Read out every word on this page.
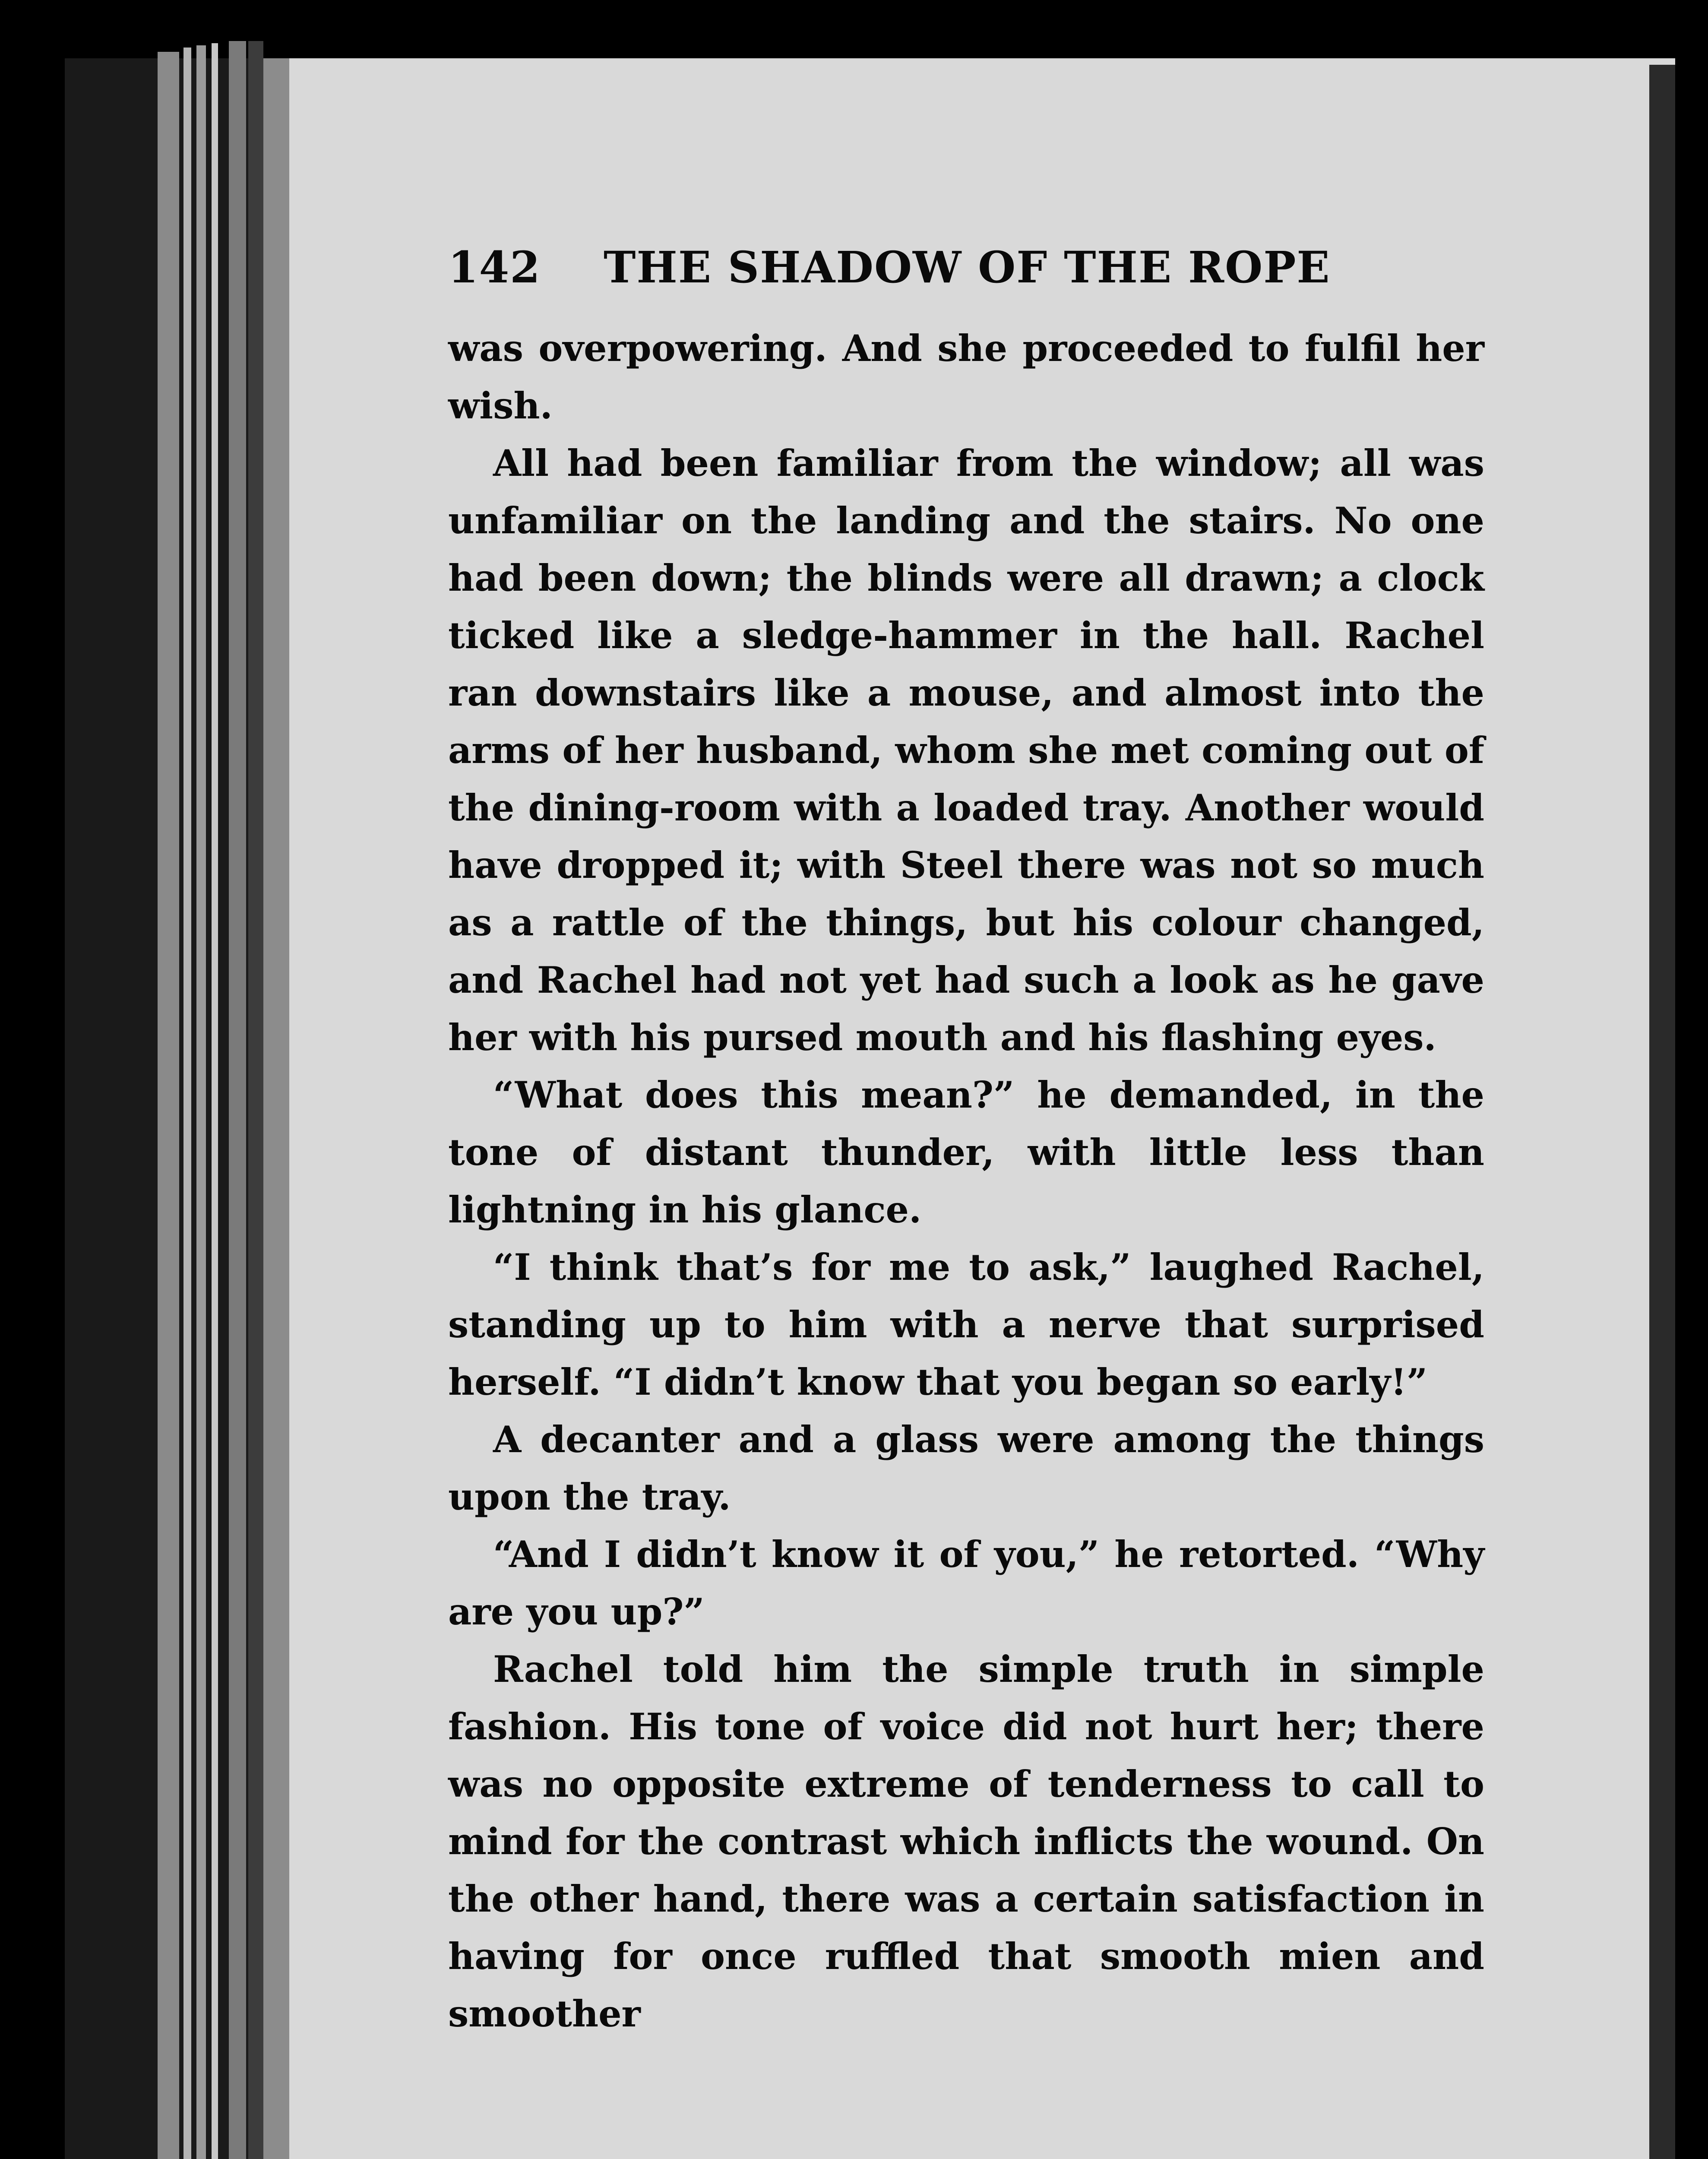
142	THE SHADOW OF THE ROPE

was overpowering. And she proceeded to fulfil her wish.

All had been familiar from the window; all was unfamiliar on the landing and the stairs. No one had been down; the blinds were all drawn; a clock ticked like a sledge-hammer in the hall. Rachel ran downstairs like a mouse, and almost into the arms of her husband, whom she met coming out of the dining-room with a loaded tray. Another would have dropped it; with Steel there was not so much as a rattle of the things, but his colour changed, and Rachel had not yet had such a look as he gave her with his pursed mouth and his flashing eyes.

“What does this mean?” he demanded, in the tone of distant thunder, with little less than lightning in his glance.

“I think that’s for me to ask,” laughed Rachel, standing up to him with a nerve that surprised herself. “I didn’t know that you began so early!”

A decanter and a glass were among the things upon the tray.

“And I didn’t know it of you,” he retorted. “Why are you up?”

Rachel told him the simple truth in simple fashion. His tone of voice did not hurt her; there was no opposite extreme of tenderness to call to mind for the contrast which inflicts the wound. On the other hand, there was a certain satisfaction in having for once ruffled that smooth mien and smoother
